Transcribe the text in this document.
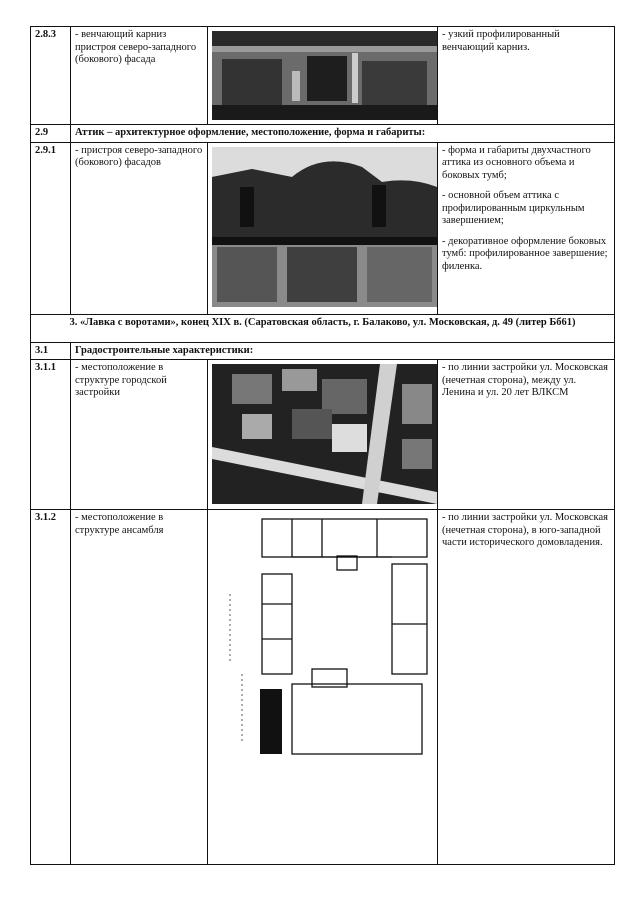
2.8.3	- венчающий карниз пристроя северо-западного (бокового) фасада		- узкий профилированный венчающий карниз.

2.9	Аттик – архитектурное оформление, местоположение, форма и габариты:		
2.9.1	- пристроя северо-западного (бокового) фасадов		- форма и габариты двухчастного аттика из основного объема и боковых тумб;

- основной объем аттика с профилированным циркульным завершением;

- декоративное оформление боковых тумб: профилированное завершение; филенка.

3. «Лавка с воротами», конец XIX в. (Саратовская область, г. Балаково, ул. Московская, д. 49 (литер Бб61)			
3.1	Градостроительные характеристики:		
3.1.1	- местоположение в структуре городской застройки		- по линии застройки ул. Московская (нечетная сторона), между ул. Ленина и ул. 20 лет ВЛКСМ

3.1.2	- местоположение в структуре ансамбля		- по линии застройки ул. Московская (нечетная сторона), в юго-западной части исторического домовладения.
